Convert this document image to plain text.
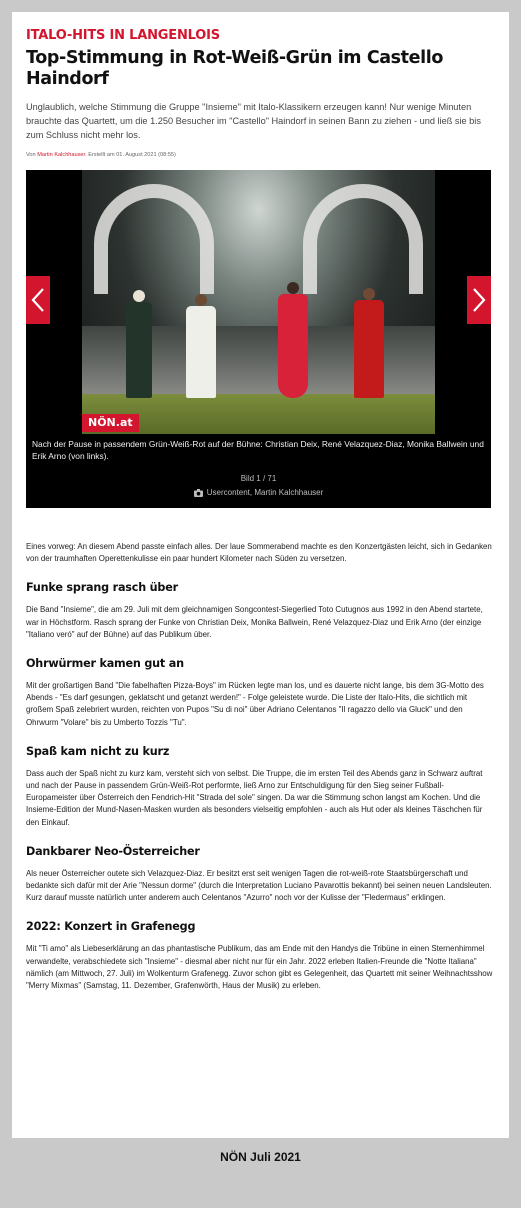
ITALO-HITS IN LANGENLOIS
Top-Stimmung in Rot-Weiß-Grün im Castello Haindorf

Unglaublich, welche Stimmung die Gruppe "Insieme" mit Italo-Klassikern erzeugen kann! Nur wenige Minuten brauchte das Quartett, um die 1.250 Besucher im "Castello" Haindorf in seinen Bann zu ziehen - und ließ sie bis zum Schluss nicht mehr los.

Von Martin Kalchhauser. Erstellt am 01. August 2021 (08:55)
NÖN.at
Nach der Pause in passendem Grün-Weiß-Rot auf der Bühne: Christian Deix, René Velazquez-Diaz, Monika Ballwein und Erik Arno (von links).
Bild 1 / 71
Usercontent, Martin Kalchhauser

Eines vorweg: An diesem Abend passte einfach alles. Der laue Sommerabend machte es den Konzertgästen leicht, sich in Gedanken von der traumhaften Operettenkulisse ein paar hundert Kilometer nach Süden zu versetzen.

Funke sprang rasch über

Die Band "Insieme", die am 29. Juli mit dem gleichnamigen Songcontest-Siegerlied Toto Cutugnos aus 1992 in den Abend startete, war in Höchstform. Rasch sprang der Funke von Christian Deix, Monika Ballwein, René Velazquez-Diaz und Erik Arno (der einzige "Italiano veró" auf der Bühne) auf das Publikum über.

Ohrwürmer kamen gut an

Mit der großartigen Band "Die fabelhaften Pizza-Boys" im Rücken legte man los, und es dauerte nicht lange, bis dem 3G-Motto des Abends - "Es darf gesungen, geklatscht und getanzt werden!" - Folge geleistete wurde. Die Liste der Italo-Hits, die sichtlich mit großem Spaß zelebriert wurden, reichten von Pupos "Su di noi" über Adriano Celentanos "Il ragazzo dello via Gluck" und den Ohrwurm "Volare" bis zu Umberto Tozzis "Tu".

Spaß kam nicht zu kurz

Dass auch der Spaß nicht zu kurz kam, versteht sich von selbst. Die Truppe, die im ersten Teil des Abends ganz in Schwarz auftrat und nach der Pause in passendem Grün-Weiß-Rot performte, ließ Arno zur Entschuldigung für den Sieg seiner Fußball-Europameister über Österreich den Fendrich-Hit "Strada del sole" singen. Da war die Stimmung schon langst am Kochen. Und die Insieme-Edition der Mund-Nasen-Masken wurden als besonders vielseitig empfohlen - auch als Hut oder als kleines Täschchen für den Einkauf.

Dankbarer Neo-Österreicher

Als neuer Österreicher outete sich Velazquez-Diaz. Er besitzt erst seit wenigen Tagen die rot-weiß-rote Staatsbürgerschaft und bedankte sich dafür mit der Arie "Nessun dorme" (durch die Interpretation Luciano Pavarottis bekannt) bei seinen neuen Landsleuten. Kurz darauf musste natürlich unter anderem auch Celentanos "Azurro" noch vor der Kulisse der "Fledermaus" erklingen.

2022: Konzert in Grafenegg

Mit "Ti amo" als Liebeserklärung an das phantastische Publikum, das am Ende mit den Handys die Tribüne in einen Sternenhimmel verwandelte, verabschiedete sich "Insieme" - diesmal aber nicht nur für ein Jahr. 2022 erleben Italien-Freunde die "Notte Italiana" nämlich (am Mittwoch, 27. Juli) im Wolkenturm Grafenegg. Zuvor schon gibt es Gelegenheit, das Quartett mit seiner Weihnachtsshow "Merry Mixmas" (Samstag, 11. Dezember, Grafenwörth, Haus der Musik) zu erleben.

NÖN Juli 2021
